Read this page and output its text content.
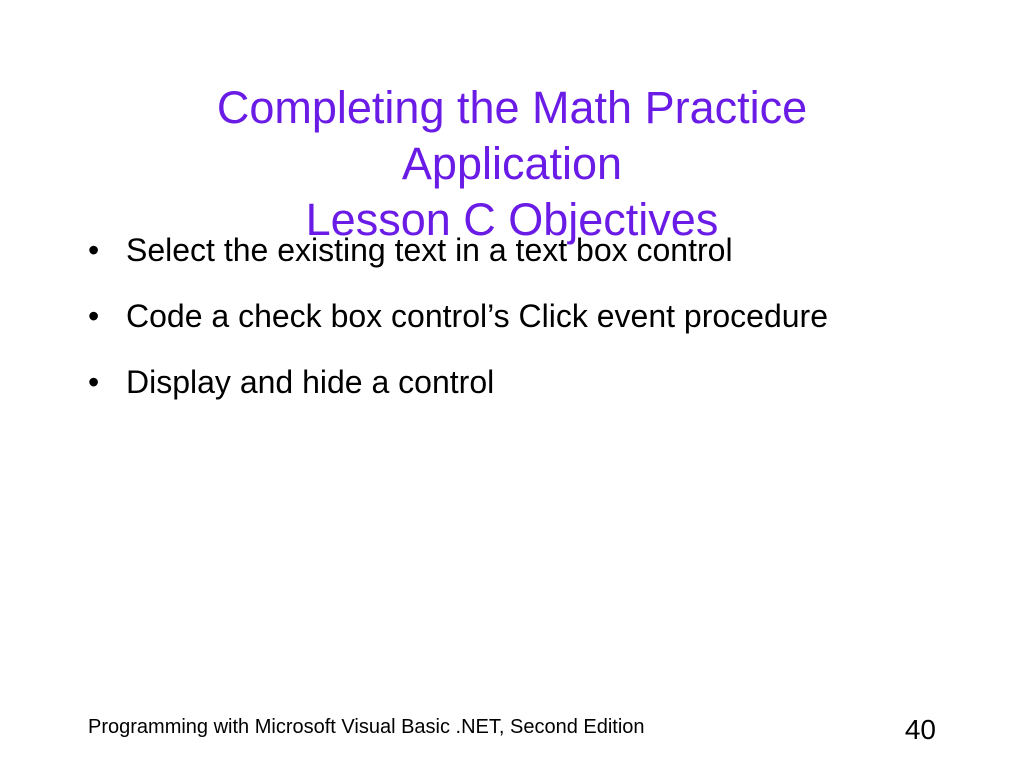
Completing the Math Practice
Application
Lesson C Objectives
• Select the existing text in a text box control
• Code a check box control’s Click event procedure
• Display and hide a control
Programming with Microsoft Visual Basic .NET, Second Edition	40
